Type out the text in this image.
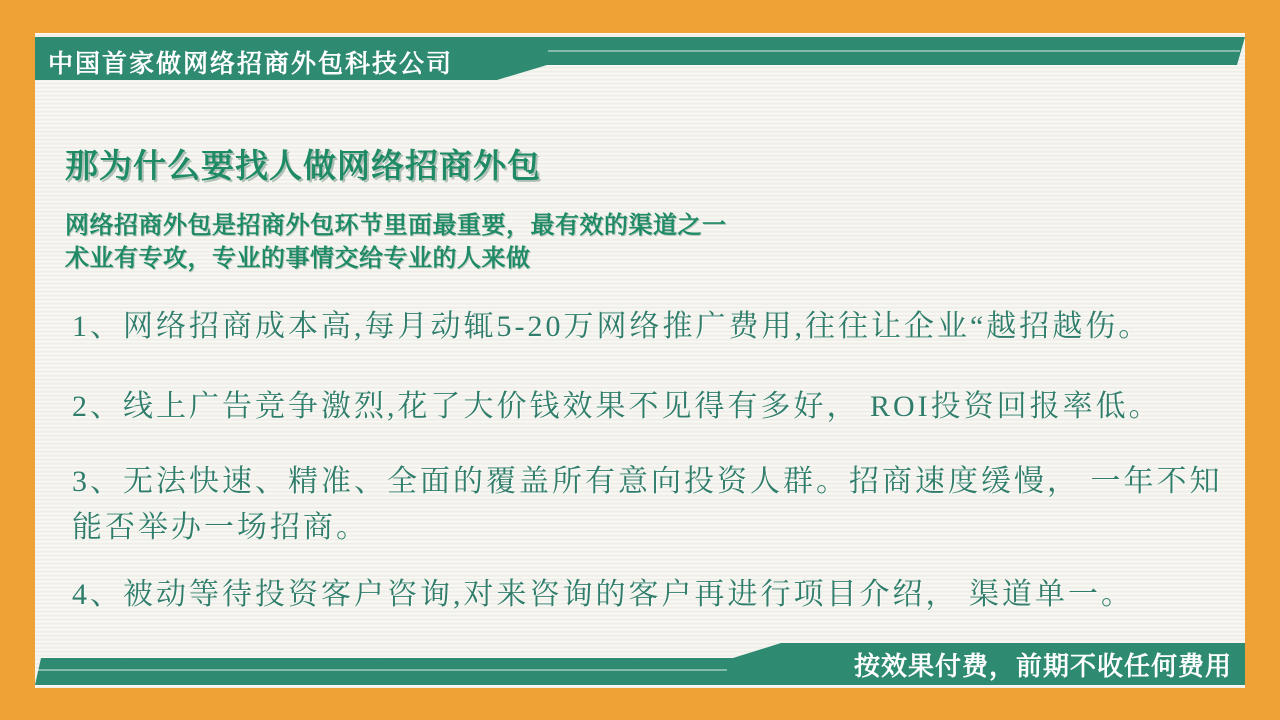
中国首家做网络招商外包科技公司
那为什么要找人做网络招商外包
网络招商外包是招商外包环节里面最重要，最有效的渠道之一
术业有专攻，专业的事情交给专业的人来做
1、网络招商成本高,每月动辄5-20万网络推广费用,往往让企业“越招越伤。
2、线上广告竞争激烈,花了大价钱效果不见得有多好， ROI投资回报率低。
3、无法快速、精准、全面的覆盖所有意向投资人群。招商速度缓慢， 一年不知能否举办一场招商。
4、被动等待投资客户咨询,对来咨询的客户再进行项目介绍， 渠道单一。
按效果付费，前期不收任何费用
